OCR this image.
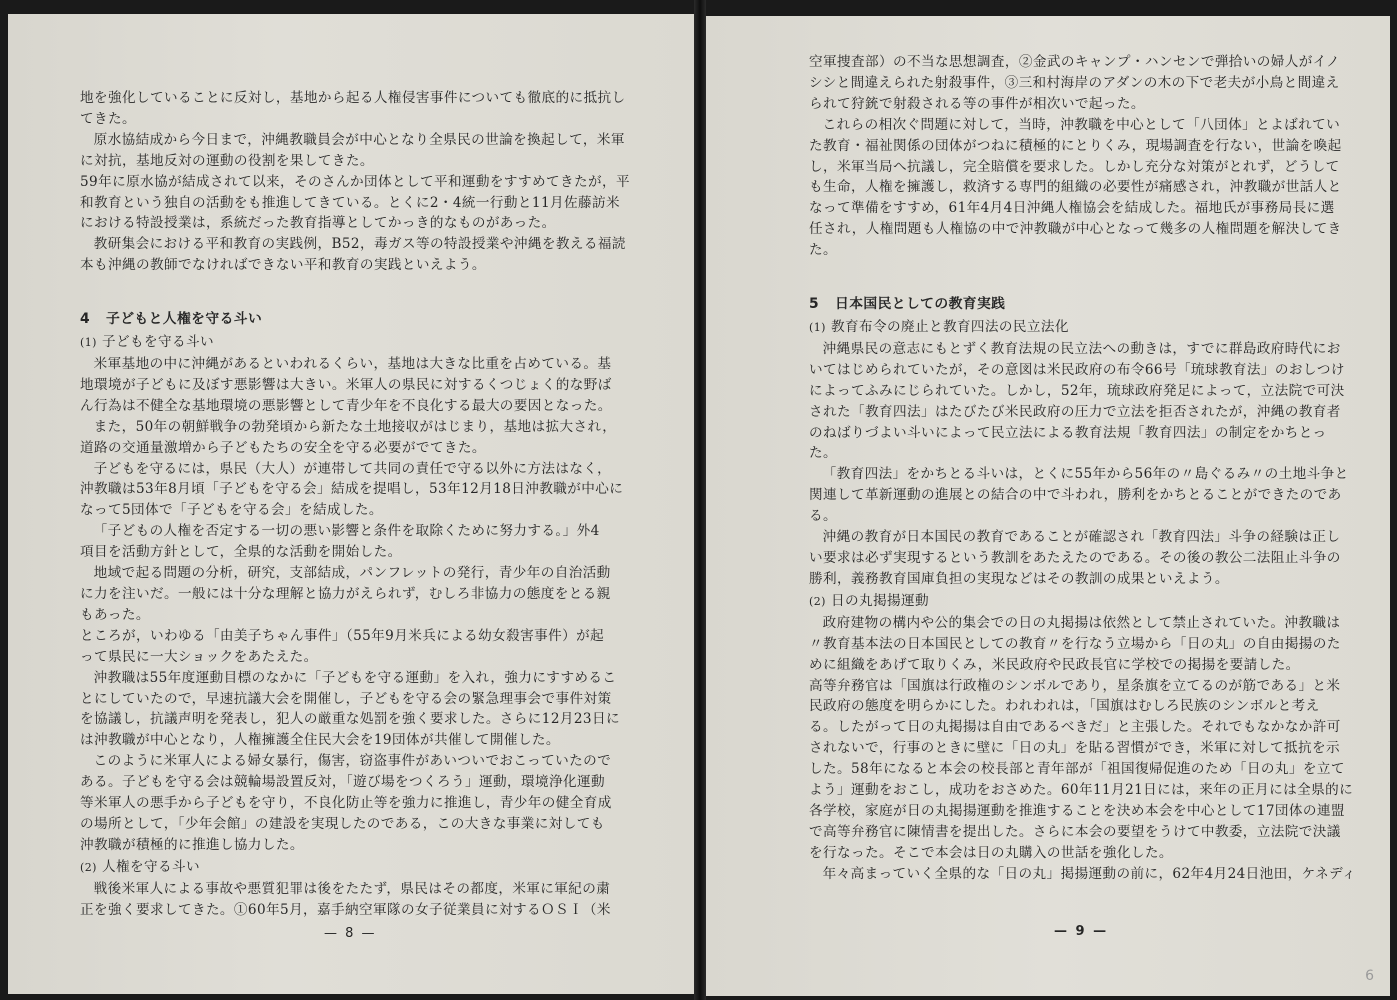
地を強化していることに反対し，基地から起る人権侵害事件についても徹底的に抵抗し

てきた。

原水協結成から今日まで，沖縄教職員会が中心となり全県民の世論を換起して，米軍

に対抗，基地反対の運動の役割を果してきた。

59年に原水協が結成されて以来，そのさんか団体として平和運動をすすめてきたが，平

和教育という独自の活動をも推進してきている。とくに2・4統一行動と11月佐藤訪米

における特設授業は，系統だった教育指導としてかっき的なものがあった。

教研集会における平和教育の実践例，B52，毒ガス等の特設授業や沖縄を教える福読

本も沖縄の教師でなければできない平和教育の実践といえよう。

4 子どもと人権を守る斗い
(1) 子どもを守る斗い

米軍基地の中に沖縄があるといわれるくらい，基地は大きな比重を占めている。基

地環境が子どもに及ぼす悪影響は大きい。米軍人の県民に対するくつじょく的な野ば

ん行為は不健全な基地環境の悪影響として青少年を不良化する最大の要因となった。

また，50年の朝鮮戦争の勃発頃から新たな土地接収がはじまり，基地は拡大され，

道路の交通量激増から子どもたちの安全を守る必要がでてきた。

子どもを守るには，県民（大人）が連帯して共同の責任で守る以外に方法はなく，

沖教職は53年8月頃「子どもを守る会」結成を提唱し，53年12月18日沖教職が中心に

なって5団体で「子どもを守る会」を結成した。

「子どもの人権を否定する一切の悪い影響と条件を取除くために努力する。」外4

項目を活動方針として，全県的な活動を開始した。

地域で起る問題の分析，研究，支部結成，パンフレットの発行，青少年の自治活動

に力を注いだ。一般には十分な理解と協力がえられず，むしろ非協力の態度をとる親

もあった。

ところが，いわゆる「由美子ちゃん事件」（55年9月米兵による幼女殺害事件）が起

って県民に一大ショックをあたえた。

沖教職は55年度運動目標のなかに「子どもを守る運動」を入れ，強力にすすめるこ

とにしていたので，早速抗議大会を開催し，子どもを守る会の緊急理事会で事件対策

を協議し，抗議声明を発表し，犯人の厳重な処罰を強く要求した。さらに12月23日に

は沖教職が中心となり，人権擁護全住民大会を19団体が共催して開催した。

このように米軍人による婦女暴行，傷害，窃盗事件があいついでおこっていたので

ある。子どもを守る会は競輪場設置反対，「遊び場をつくろう」運動，環境浄化運動

等米軍人の悪手から子どもを守り，不良化防止等を強力に推進し，青少年の健全育成

の場所として，「少年会館」の建設を実現したのである，この大きな事業に対しても

沖教職が積極的に推進し協力した。

(2) 人権を守る斗い

戦後米軍人による事故や悪質犯罪は後をたたず，県民はその都度，米軍に軍紀の粛

正を強く要求してきた。①60年5月，嘉手納空軍隊の女子従業員に対するＯＳＩ（米

— 8 —

空軍捜査部）の不当な思想調査，②金武のキャンプ・ハンセンで弾拾いの婦人がイノ

シシと間違えられた射殺事件，③三和村海岸のアダンの木の下で老夫が小鳥と間違え

られて狩銃で射殺される等の事件が相次いで起った。

これらの相次ぐ問題に対して，当時，沖教職を中心として「八団体」とよばれてい

た教育・福祉関係の団体がつねに積極的にとりくみ，現場調査を行ない，世論を喚起

し，米軍当局へ抗議し，完全賠償を要求した。しかし充分な対策がとれず，どうして

も生命，人権を擁護し，救済する専門的組織の必要性が痛感され，沖教職が世話人と

なって準備をすすめ，61年4月4日沖縄人権協会を結成した。福地氏が事務局長に選

任され，人権問題も人権協の中で沖教職が中心となって幾多の人権問題を解決してき

た。

5 日本国民としての教育実践
(1) 教育布令の廃止と教育四法の民立法化

沖縄県民の意志にもとずく教育法規の民立法への動きは，すでに群島政府時代にお

いてはじめられていたが，その意図は米民政府の布令66号「琉球教育法」のおしつけ

によってふみにじられていた。しかし，52年，琉球政府発足によって，立法院で可決

された「教育四法」はたびたび米民政府の圧力で立法を拒否されたが，沖縄の教育者

のねばりづよい斗いによって民立法による教育法規「教育四法」の制定をかちとっ

た。

「教育四法」をかちとる斗いは，とくに55年から56年の〃島ぐるみ〃の土地斗争と

関連して革新運動の進展との結合の中で斗われ，勝利をかちとることができたのであ

る。

沖縄の教育が日本国民の教育であることが確認され「教育四法」斗争の経験は正し

い要求は必ず実現するという教訓をあたえたのである。その後の教公二法阻止斗争の

勝利，義務教育国庫負担の実現などはその教訓の成果といえよう。

(2) 日の丸掲揚運動

政府建物の構内や公的集会での日の丸掲揚は依然として禁止されていた。沖教職は

〃教育基本法の日本国民としての教育〃を行なう立場から「日の丸」の自由掲揚のた

めに組織をあげて取りくみ，米民政府や民政長官に学校での掲揚を要請した。

高等弁務官は「国旗は行政権のシンボルであり，星条旗を立てるのが筋である」と米

民政府の態度を明らかにした。われわれは，「国旗はむしろ民族のシンボルと考え

る。したがって日の丸掲揚は自由であるべきだ」と主張した。それでもなかなか許可

されないで，行事のときに壁に「日の丸」を貼る習慣ができ，米軍に対して抵抗を示

した。58年になると本会の校長部と青年部が「祖国復帰促進のため「日の丸」を立て

よう」運動をおこし，成功をおさめた。60年11月21日には，来年の正月には全県的に

各学校，家庭が日の丸掲揚運動を推進することを決め本会を中心として17団体の連盟

で高等弁務官に陳情書を提出した。さらに本会の要望をうけて中教委，立法院で決議

を行なった。そこで本会は日の丸購入の世話を強化した。

年々高まっていく全県的な「日の丸」掲揚運動の前に，62年4月24日池田，ケネディ

— 9 —
6
